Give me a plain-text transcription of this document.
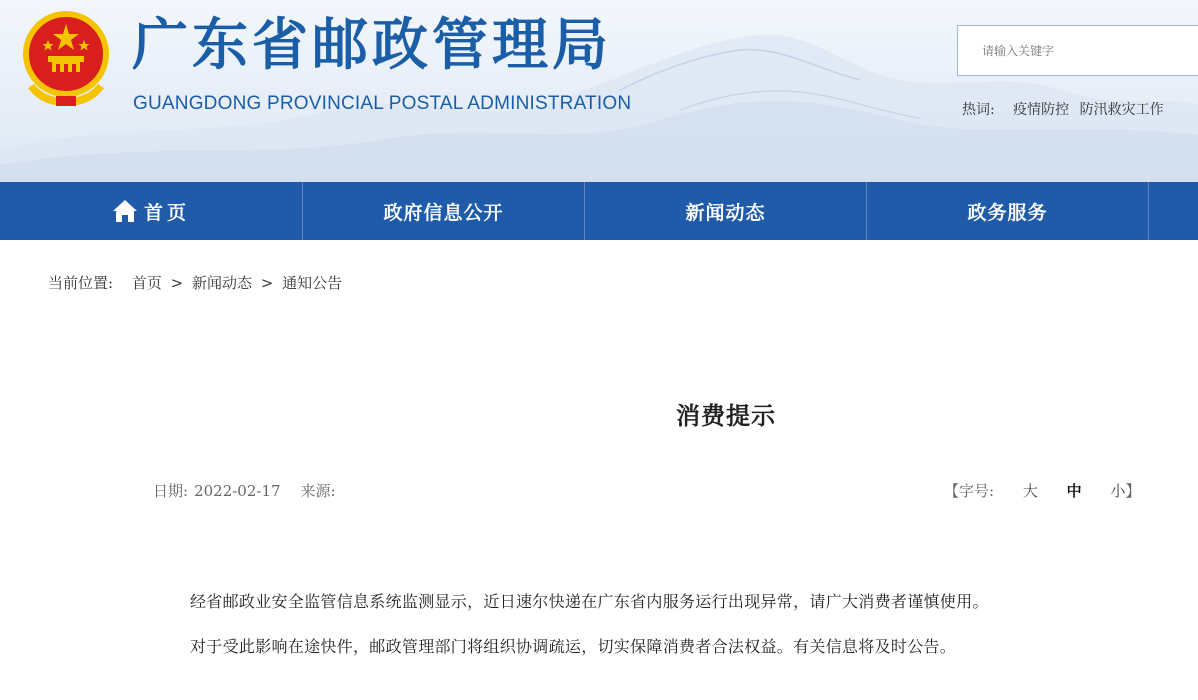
广东省邮政管理局
GUANGDONG PROVINCIAL POSTAL ADMINISTRATION
请输入关键字	热词: 疫情防控 防汛救灾工作
首页	政府信息公开	新闻动态	政务服务
当前位置: 首页 > 新闻动态 > 通知公告
消费提示
日期: 2022-02-17 来源:	【字号: 大 中 小】
经省邮政业安全监管信息系统监测显示，近日速尔快递在广东省内服务运行出现异常，请广大消费者谨慎使用。
对于受此影响在途快件，邮政管理部门将组织协调疏运，切实保障消费者合法权益。有关信息将及时公告。
